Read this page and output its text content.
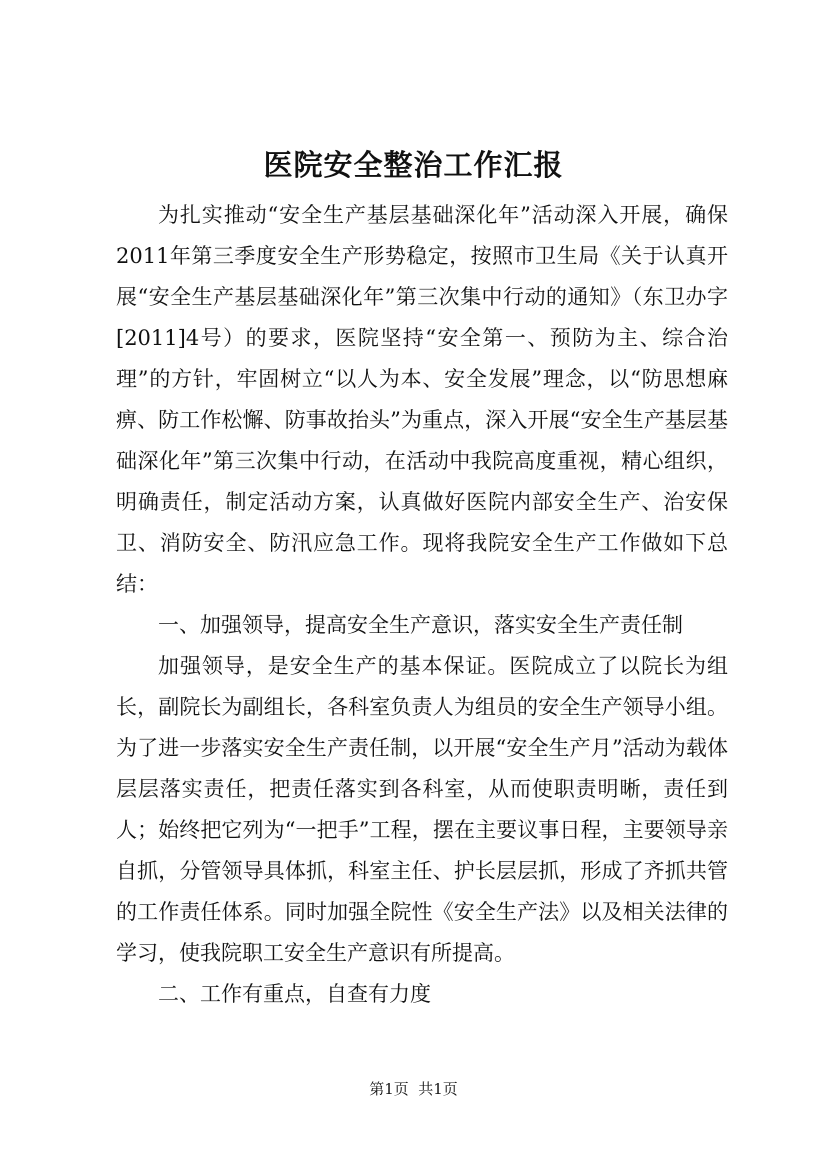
医院安全整治工作汇报

为扎实推动“安全生产基层基础深化年”活动深入开展，确保2011年第三季度安全生产形势稳定，按照市卫生局《关于认真开展“安全生产基层基础深化年”第三次集中行动的通知》（东卫办字[2011]4号）的要求，医院坚持“安全第一、预防为主、综合治理”的方针，牢固树立“以人为本、安全发展”理念，以“防思想麻痹、防工作松懈、防事故抬头”为重点，深入开展“安全生产基层基础深化年”第三次集中行动，在活动中我院高度重视，精心组织，明确责任，制定活动方案，认真做好医院内部安全生产、治安保卫、消防安全、防汛应急工作。现将我院安全生产工作做如下总结：

一、加强领导，提高安全生产意识，落实安全生产责任制

加强领导，是安全生产的基本保证。医院成立了以院长为组长，副院长为副组长，各科室负责人为组员的安全生产领导小组。为了进一步落实安全生产责任制，以开展“安全生产月”活动为载体层层落实责任，把责任落实到各科室，从而使职责明晰，责任到人；始终把它列为“一把手”工程，摆在主要议事日程，主要领导亲自抓，分管领导具体抓，科室主任、护长层层抓，形成了齐抓共管的工作责任体系。同时加强全院性《安全生产法》以及相关法律的学习，使我院职工安全生产意识有所提高。

二、工作有重点，自查有力度

第1页  共1页
